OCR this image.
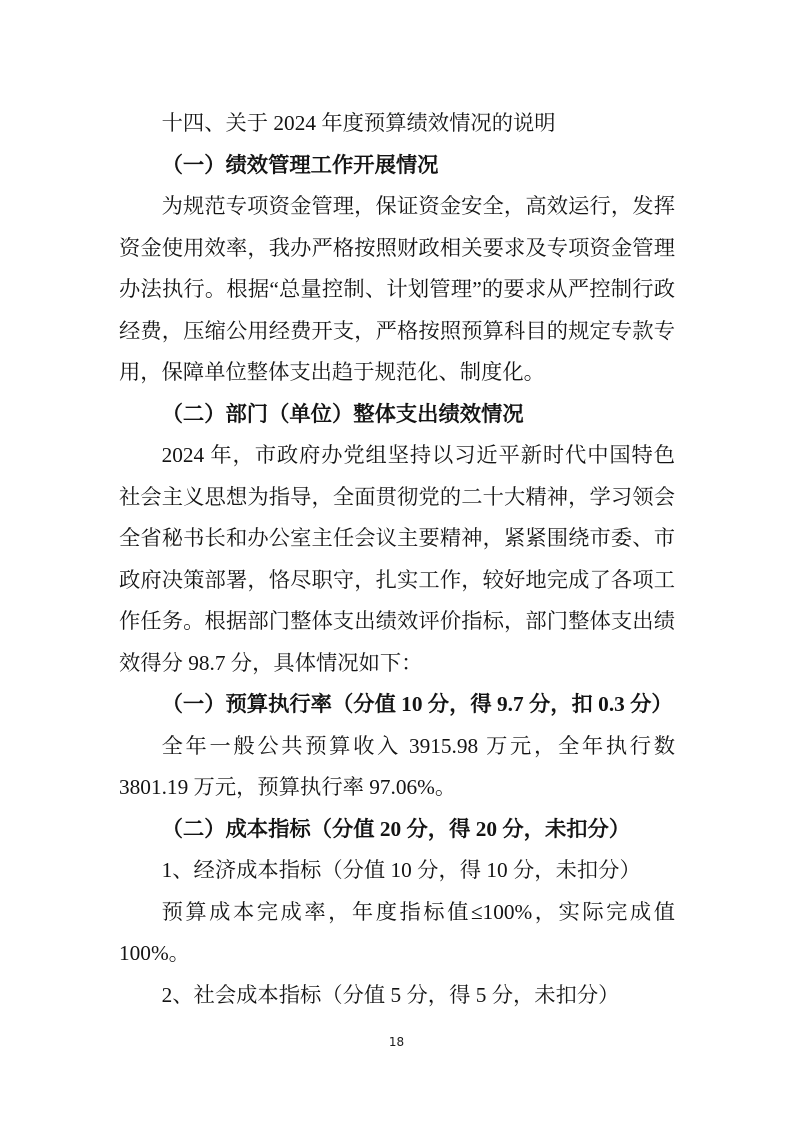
十四、关于 2024 年度预算绩效情况的说明

（一）绩效管理工作开展情况

为规范专项资金管理，保证资金安全，高效运行，发挥资金使用效率，我办严格按照财政相关要求及专项资金管理办法执行。根据“总量控制、计划管理”的要求从严控制行政经费，压缩公用经费开支，严格按照预算科目的规定专款专用，保障单位整体支出趋于规范化、制度化。

（二）部门（单位）整体支出绩效情况

2024 年，市政府办党组坚持以习近平新时代中国特色社会主义思想为指导，全面贯彻党的二十大精神，学习领会全省秘书长和办公室主任会议主要精神，紧紧围绕市委、市政府决策部署，恪尽职守，扎实工作，较好地完成了各项工作任务。根据部门整体支出绩效评价指标，部门整体支出绩效得分 98.7 分，具体情况如下：

（一）预算执行率（分值 10 分，得 9.7 分，扣 0.3 分）

全年一般公共预算收入 3915.98 万元，全年执行数 3801.19 万元，预算执行率 97.06%。

（二）成本指标（分值 20 分，得 20 分，未扣分）

1、经济成本指标（分值 10 分，得 10 分，未扣分）

预算成本完成率，年度指标值≤100%，实际完成值 100%。

2、社会成本指标（分值 5 分，得 5 分，未扣分）

18
